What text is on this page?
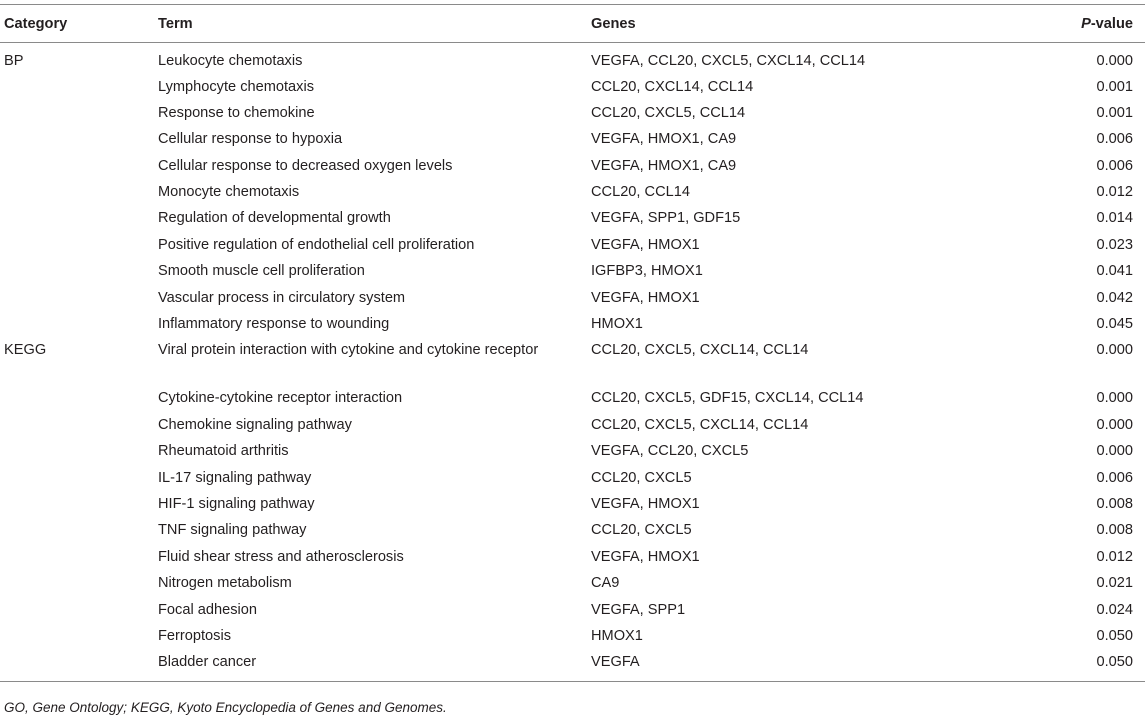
Category	Term	Genes	P-value
BP	Leukocyte chemotaxis	VEGFA, CCL20, CXCL5, CXCL14, CCL14	0.000
	Lymphocyte chemotaxis	CCL20, CXCL14, CCL14	0.001
	Response to chemokine	CCL20, CXCL5, CCL14	0.001
	Cellular response to hypoxia	VEGFA, HMOX1, CA9	0.006
	Cellular response to decreased oxygen levels	VEGFA, HMOX1, CA9	0.006
	Monocyte chemotaxis	CCL20, CCL14	0.012
	Regulation of developmental growth	VEGFA, SPP1, GDF15	0.014
	Positive regulation of endothelial cell proliferation	VEGFA, HMOX1	0.023
	Smooth muscle cell proliferation	IGFBP3, HMOX1	0.041
	Vascular process in circulatory system	VEGFA, HMOX1	0.042
	Inflammatory response to wounding	HMOX1	0.045
KEGG	Viral protein interaction with cytokine and cytokine receptor	CCL20, CXCL5, CXCL14, CCL14	0.000
	Cytokine-cytokine receptor interaction	CCL20, CXCL5, GDF15, CXCL14, CCL14	0.000
	Chemokine signaling pathway	CCL20, CXCL5, CXCL14, CCL14	0.000
	Rheumatoid arthritis	VEGFA, CCL20, CXCL5	0.000
	IL-17 signaling pathway	CCL20, CXCL5	0.006
	HIF-1 signaling pathway	VEGFA, HMOX1	0.008
	TNF signaling pathway	CCL20, CXCL5	0.008
	Fluid shear stress and atherosclerosis	VEGFA, HMOX1	0.012
	Nitrogen metabolism	CA9	0.021
	Focal adhesion	VEGFA, SPP1	0.024
	Ferroptosis	HMOX1	0.050
	Bladder cancer	VEGFA	0.050
GO, Gene Ontology; KEGG, Kyoto Encyclopedia of Genes and Genomes.
